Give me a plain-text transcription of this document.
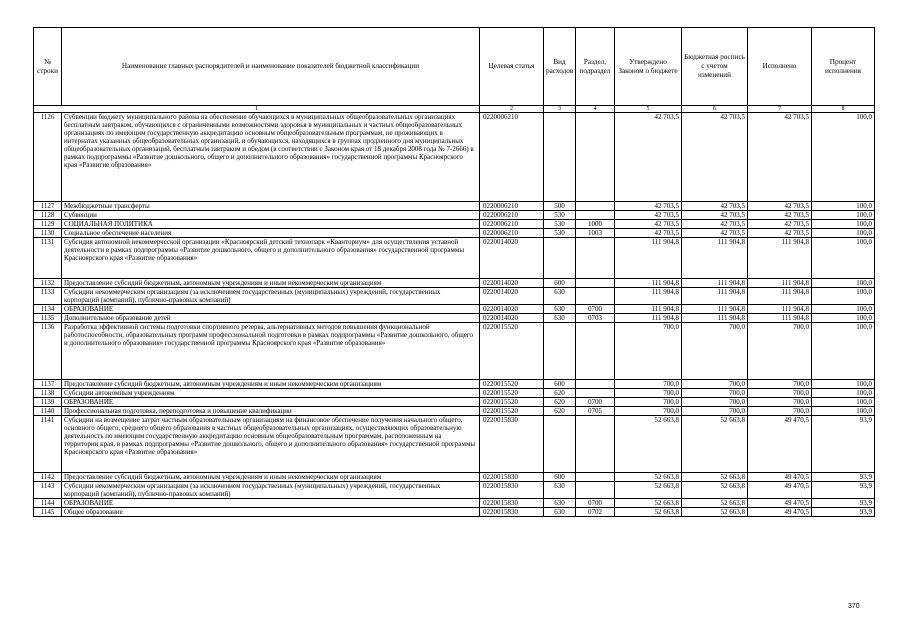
№ строки	Наименование главных распорядителей и наименование показателей бюджетной классификации	Целевая статья	Вид расходов	Раздел, подраздел	Утверждено Законом о бюджете	Бюджетная роспись с учетом изменений	Исполнено	Процент исполнения
1		2	3	4	5	6	7	8
1126	Субвенции бюджету муниципального района на обеспечение обучающихся в муниципальных общеобразовательных организациях бесплатным завтраком, обучающихся с ограниченными возможностями здоровья в муниципальных и частных общеобразовательных организациях по имеющим государственную аккредитацию основным общеобразовательным программам, не проживающих в интернатах указанных общеобразовательных организаций, и обучающихся, находящихся в группах продленного дня муниципальных общеобразовательных организаций, бесплатным завтраком и обедом (в соответствии с Законом края от 18 декабря 2008 года № 7-2666) в рамках подпрограммы «Развитие дошкольного, общего и дополнительного образования» государственной программы Красноярского края «Развитие образования»	0220006210			42 703,5	42 703,5	42 703,5	100,0
1127	Межбюджетные трансферты	0220006210	500		42 703,5	42 703,5	42 703,5	100,0
1128	Субвенции	0220006210	530		42 703,5	42 703,5	42 703,5	100,0
1129	СОЦИАЛЬНАЯ ПОЛИТИКА	0220006210	530	1000	42 703,5	42 703,5	42 703,5	100,0
1130	Социальное обеспечение населения	0220006210	530	1003	42 703,5	42 703,5	42 703,5	100,0
1131	Субсидия автономной некоммерческой организации «Красноярский детский технопарк «Кванториум» для осуществления уставной деятельности в рамках подпрограммы «Развитие дошкольного, общего и дополнительного образования» государственной программы Красноярского края «Развитие образования»	0220014020			111 904,8	111 904,8	111 904,8	100,0
1132	Предоставление субсидий бюджетным, автономным учреждениям и иным некоммерческим организациям	0220014020	600		111 904,8	111 904,8	111 904,8	100,0
1133	Субсидии некоммерческим организациям (за исключением государственных (муниципальных) учреждений, государственных корпораций (компаний), публично-правовых компаний)	0220014020	630		111 904,8	111 904,8	111 904,8	100,0
1134	ОБРАЗОВАНИЕ	0220014020	630	0700	111 904,8	111 904,8	111 904,8	100,0
1135	Дополнительное образование детей	0220014020	630	0703	111 904,8	111 904,8	111 904,8	100,0
1136	Разработка эффективной системы подготовки спортивного резерва, альтернативных методов повышения функциональной работоспособности, образовательных программ профессиональной подготовки в рамках подпрограммы «Развитие дошкольного, общего и дополнительного образования» государственной программы Красноярского края «Развитие образования»	0220015520			700,0	700,0	700,0	100,0
1137	Предоставление субсидий бюджетным, автономным учреждениям и иным некоммерческим организациям	0220015520	600		700,0	700,0	700,0	100,0
1138	Субсидии автономным учреждениям	0220015520	620		700,0	700,0	700,0	100,0
1139	ОБРАЗОВАНИЕ	0220015520	620	0700	700,0	700,0	700,0	100,0
1140	Профессиональная подготовка, переподготовка и повышение квалификации	0220015520	620	0705	700,0	700,0	700,0	100,0
1141	Субсидии на возмещение затрат частным образовательным организациям на финансовое обеспечение получения начального общего, основного общего, среднего общего образования в частных общеобразовательных организациях, осуществляющих образовательную деятельность по имеющим государственную аккредитацию основным общеобразовательным программам, расположенным на территории края, в рамках подпрограммы «Развитие дошкольного, общего и дополнительного образования» государственной программы Красноярского края «Развитие образования»	0220015830			52 663,8	52 663,8	49 470,5	93,9
1142	Предоставление субсидий бюджетным, автономным учреждениям и иным некоммерческим организациям	0220015830	600		52 663,8	52 663,8	49 470,5	93,9
1143	Субсидии некоммерческим организациям (за исключением государственных (муниципальных) учреждений, государственных корпораций (компаний), публично-правовых компаний)	0220015830	630		52 663,8	52 663,8	49 470,5	93,9
1144	ОБРАЗОВАНИЕ	0220015830	630	0700	52 663,8	52 663,8	49 470,5	93,9
1145	Общее образование	0220015830	630	0702	52 663,8	52 663,8	49 470,5	93,9
370
